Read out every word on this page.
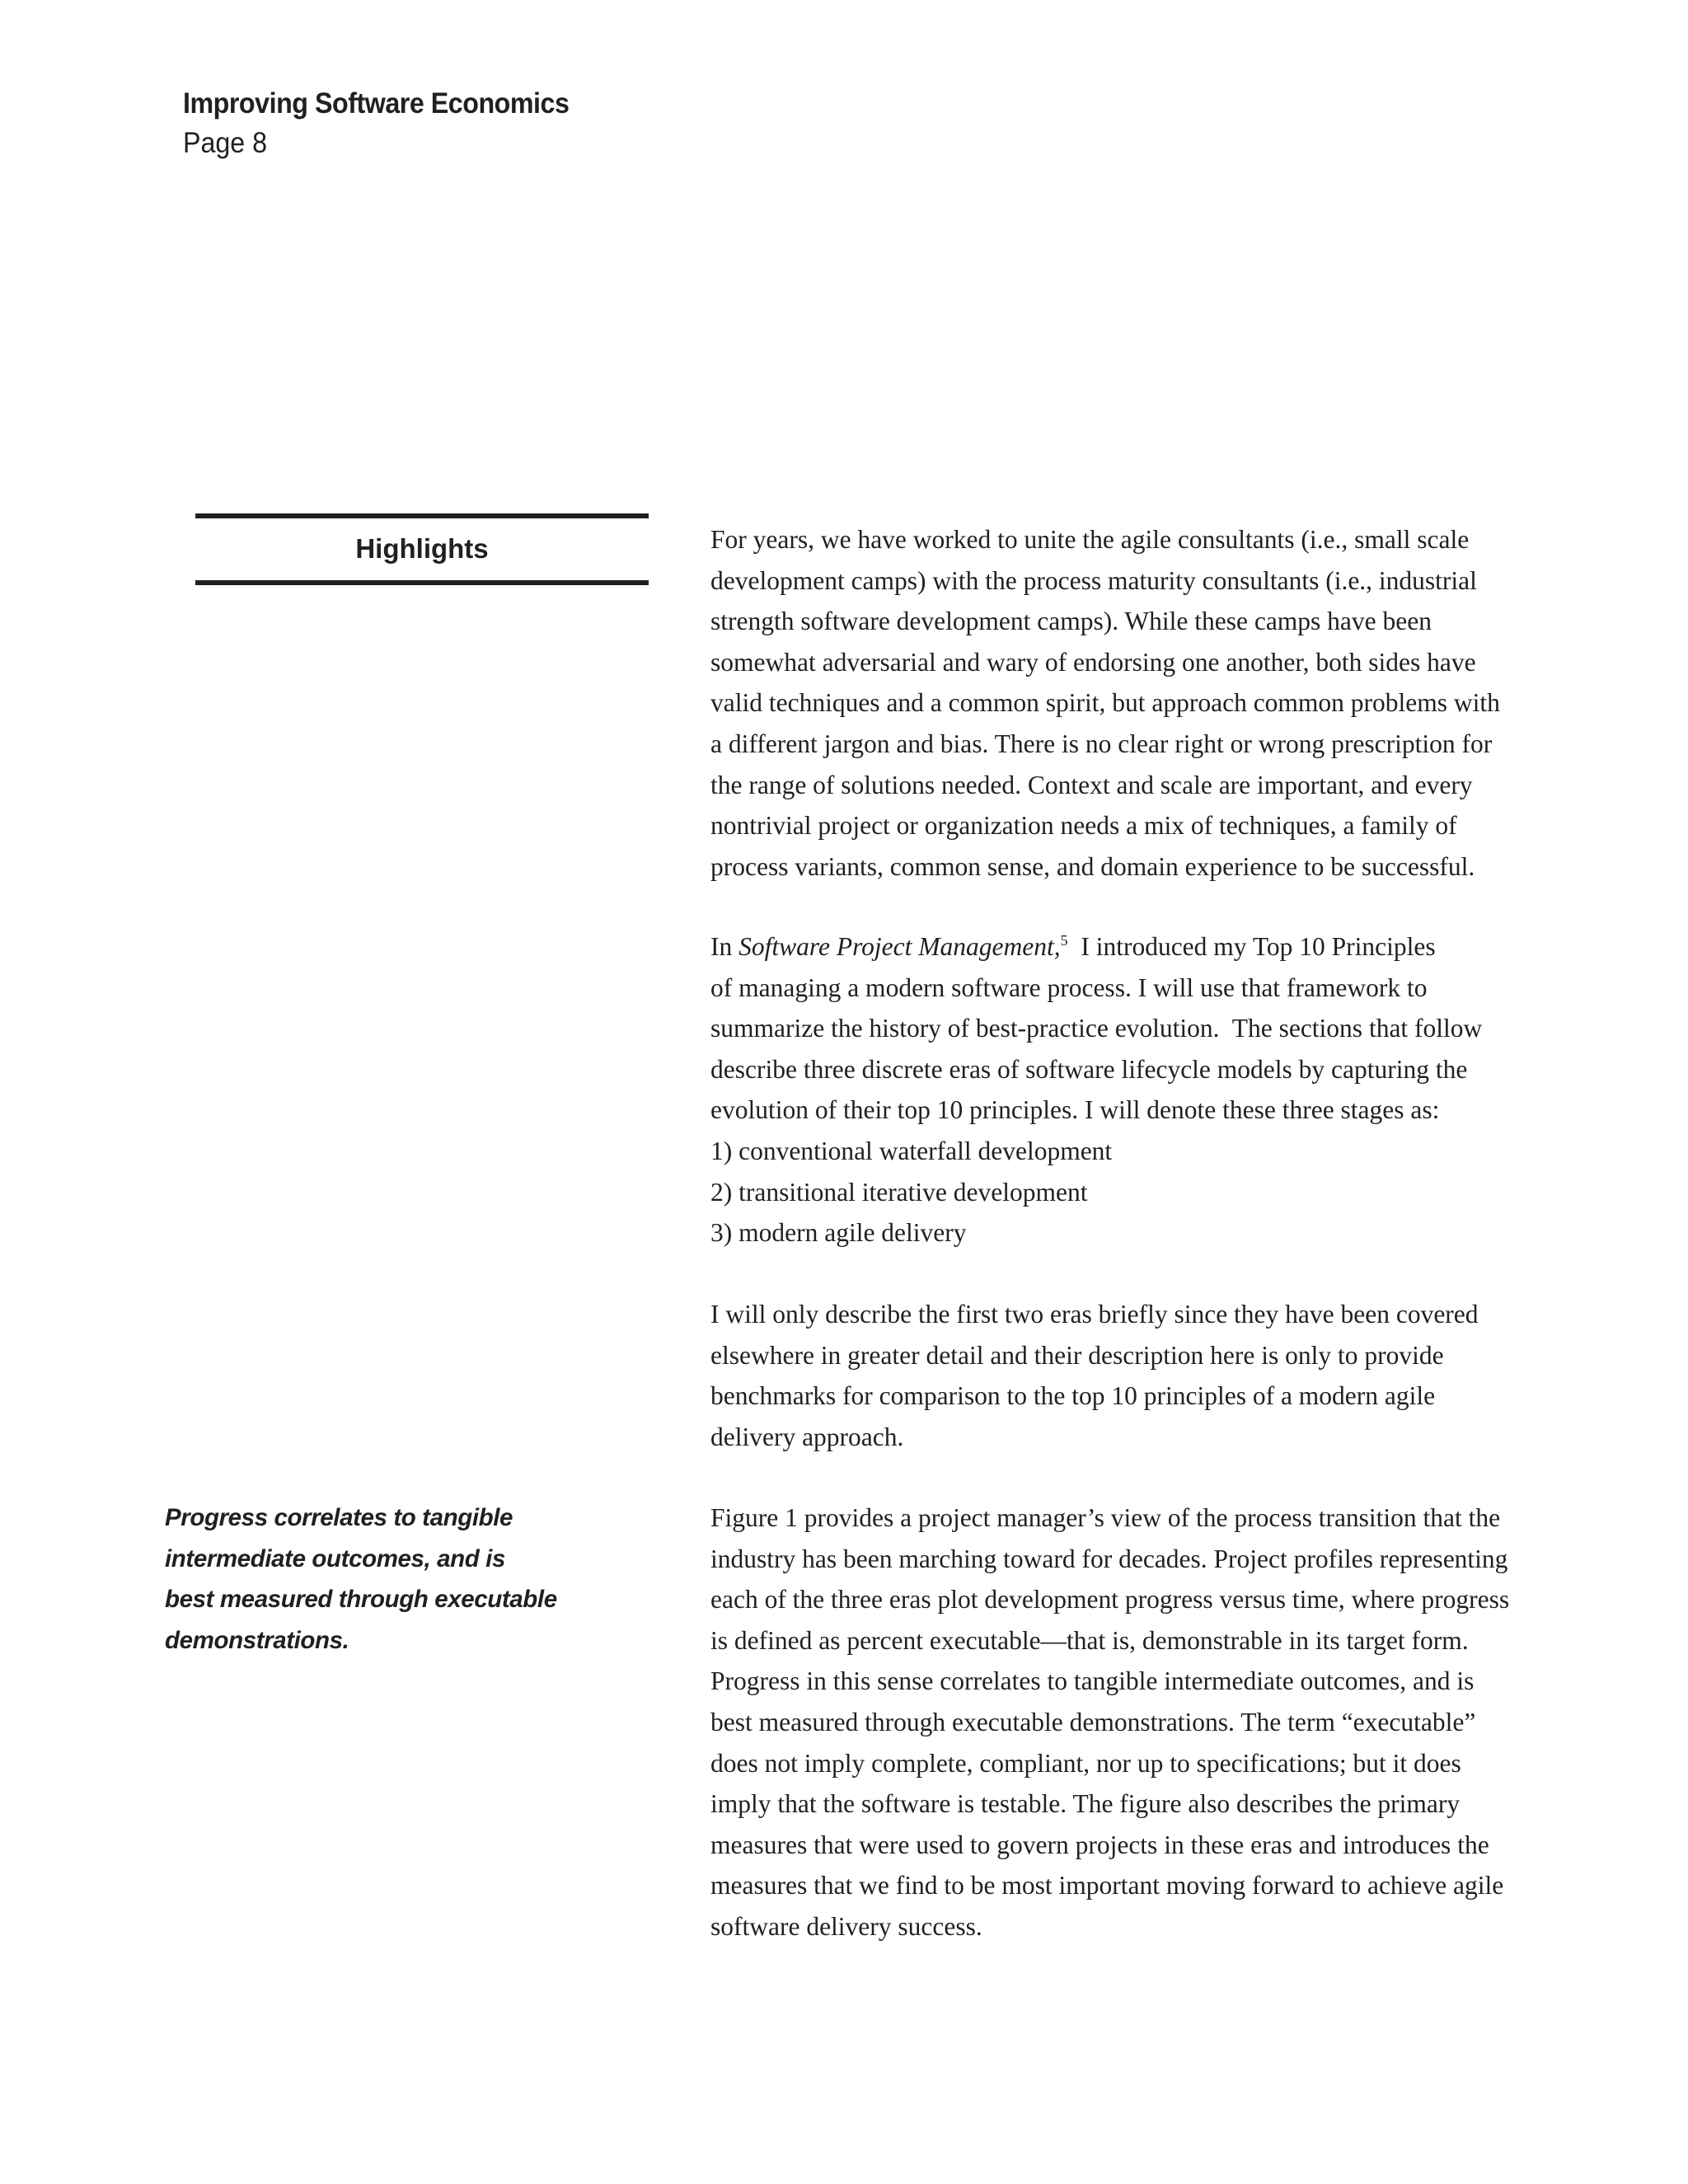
Improving Software Economics
Page 8
Highlights
Progress correlates to tangible
intermediate outcomes, and is
best measured through executable
demonstrations.
For years, we have worked to unite the agile consultants (i.e., small scale
development camps) with the process maturity consultants (i.e., industrial
strength software development camps). While these camps have been
somewhat adversarial and wary of endorsing one another, both sides have
valid techniques and a common spirit, but approach common problems with
a different jargon and bias. There is no clear right or wrong prescription for
the range of solutions needed. Context and scale are important, and every
nontrivial project or organization needs a mix of techniques, a family of
process variants, common sense, and domain experience to be successful.
In Software Project Management,$^5$  I introduced my Top 10 Principles
of managing a modern software process. I will use that framework to
summarize the history of best-practice evolution.  The sections that follow
describe three discrete eras of software lifecycle models by capturing the
evolution of their top 10 principles. I will denote these three stages as:
1) conventional waterfall development
2) transitional iterative development
3) modern agile delivery
I will only describe the first two eras briefly since they have been covered
elsewhere in greater detail and their description here is only to provide
benchmarks for comparison to the top 10 principles of a modern agile
delivery approach.
Figure 1 provides a project manager’s view of the process transition that the
industry has been marching toward for decades. Project profiles representing
each of the three eras plot development progress versus time, where progress
is defined as percent executable—that is, demonstrable in its target form.
Progress in this sense correlates to tangible intermediate outcomes, and is
best measured through executable demonstrations. The term “executable”
does not imply complete, compliant, nor up to specifications; but it does
imply that the software is testable. The figure also describes the primary
measures that were used to govern projects in these eras and introduces the
measures that we find to be most important moving forward to achieve agile
software delivery success.
